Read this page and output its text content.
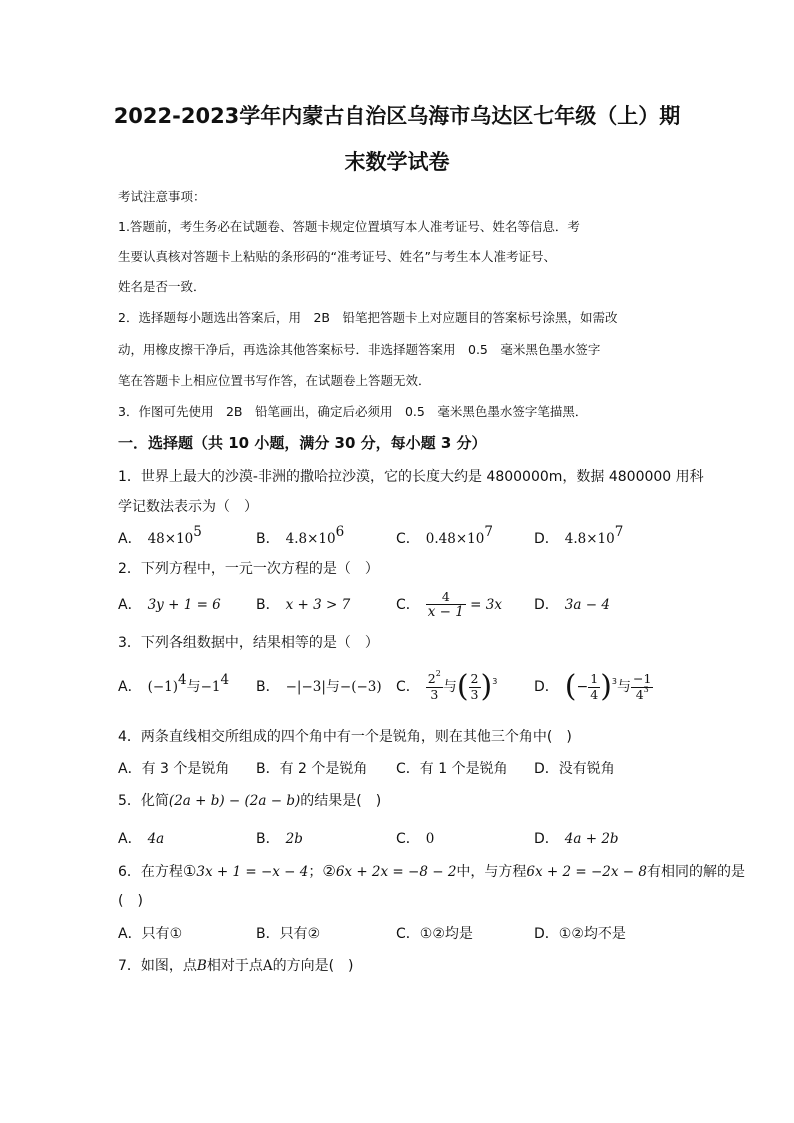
2022-2023学年内蒙古自治区乌海市乌达区七年级（上）期
末数学试卷
考试注意事项：
1.答题前，考生务必在试题卷、答题卡规定位置填写本人准考证号、姓名等信息．考
生要认真核对答题卡上粘贴的条形码的“准考证号、姓名”与考生本人准考证号、
姓名是否一致．
2．选择题每小题选出答案后，用　2B　铅笔把答题卡上对应题目的答案标号涂黑，如需改
动，用橡皮擦干净后，再选涂其他答案标号．非选择题答案用　0.5　毫米黑色墨水签字
笔在答题卡上相应位置书写作答，在试题卷上答题无效．
3．作图可先使用　2B　铅笔画出，确定后必须用　0.5　毫米黑色墨水签字笔描黑．
一．选择题（共 10 小题，满分 30 分，每小题 3 分）
1．世界上最大的沙漠-非洲的撒哈拉沙漠，它的长度大约是 4800000m，数据 4800000 用科
学记数法表示为（　）
A． $48\times 10^5$	B． $4.8\times 10^6$	C． $0.48\times 10^7$	D． $4.8\times 10^7$
2．下列方程中，一元一次方程的是（　）
A． 3y + 1 = 6	B． x + 3 > 7	C． $\frac{4}{x - 1} = 3x$ D． 3a − 4
3．下列各组数据中，结果相等的是（　）
A． $(-1)^4$与$-1^4$ B． −|−3|与−(−3) C． $\frac{2^2}{3}$ 与( $\frac{2}{3} )^3$	D． (− $\frac{1}{4} )^3$与 $\frac{-1}{4^3}$
4．两条直线相交所组成的四个角中有一个是锐角，则在其他三个角中(　)
A．有 3 个是锐角 B．有 2 个是锐角 C．有 1 个是锐角 D．没有锐角
5．化简(2a + b) − (2a − b)的结果是(　)
A． 4a	B． 2b	C． 0	D． 4a + 2b
6．在方程①3x + 1 = −x − 4；②6x + 2x = −8 − 2中，与方程6x + 2 = −2x − 8有相同的解的是
(　)
A．只有①	B．只有②	C．①②均是	D．①②均不是
7．如图，点B相对于点A的方向是(　)
